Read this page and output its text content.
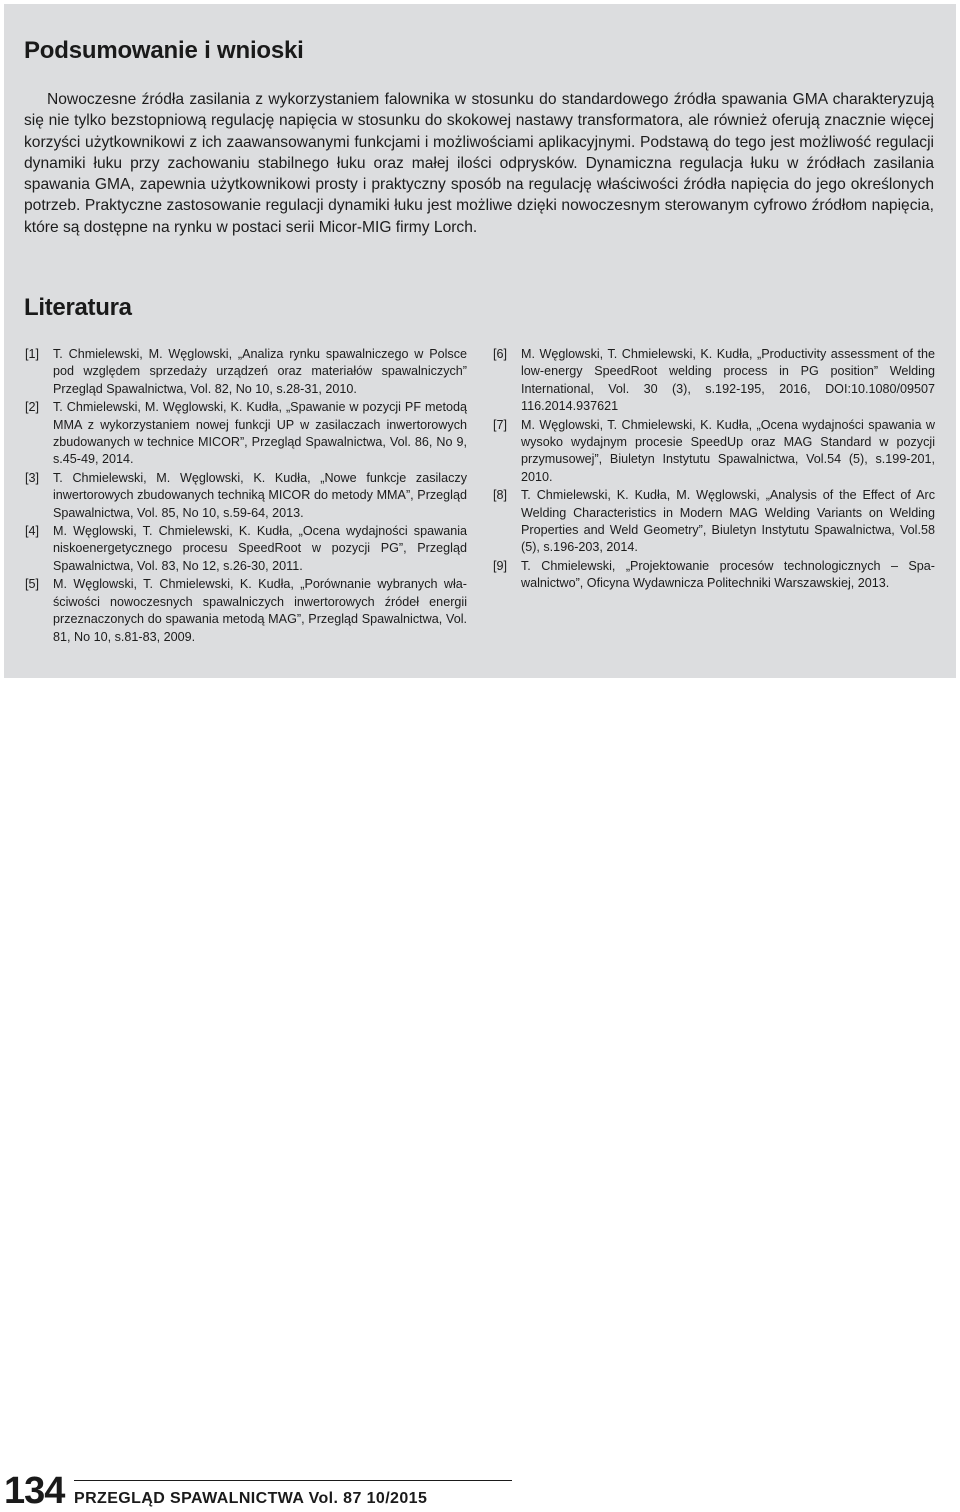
Podsumowanie i wnioski

Nowoczesne źródła zasilania z wykorzystaniem falownika w stosunku do standardowego źródła spawania GMA charakteryzują się nie tylko bezstopniową regulację napięcia w stosunku do skokowej nastawy transformatora, ale również oferują znacznie więcej korzyści użytkownikowi z ich zaawansowanymi funkcjami i możliwościami aplikacyjnymi. Podstawą do tego jest możliwość regulacji dynamiki łuku przy zachowaniu stabilnego łuku oraz małej ilości odprysków. Dynamiczna regulacja łuku w źródłach zasilania spawania GMA, zapewnia użytkownikowi prosty i praktyczny sposób na regulację właściwości źródła napięcia do jego określonych potrzeb. Praktyczne zastosowanie regulacji dynamiki łuku jest możliwe dzięki nowoczesnym sterowanym cyfrowo źródłom napięcia, które są dostępne na rynku w postaci serii Micor-MIG firmy Lorch.

Literatura
[1]	T. Chmielewski, M. Węglowski, „Analiza rynku spawalniczego w Polsce pod względem sprzedaży urządzeń oraz materiałów spawalniczych” Przegląd Spawalnictwa, Vol. 82, No 10, s.28-31, 2010.
[2]	T. Chmielewski, M. Węglowski, K. Kudła, „Spawanie w pozycji PF metodą MMA z wykorzystaniem nowej funkcji UP w zasilaczach inwertorowych zbudowanych w technice MICOR”, Przegląd Spawalnictwa, Vol. 86, No 9, s.45-49, 2014.
[3]	T. Chmielewski, M. Węglowski, K. Kudła, „Nowe funkcje zasilaczy inwertorowych zbudowanych techniką MICOR do metody MMA”, Przegląd Spawalnictwa, Vol. 85, No 10, s.59-64, 2013.
[4]	M. Węglowski, T. Chmielewski, K. Kudła, „Ocena wydajności spawania niskoenergetycznego procesu SpeedRoot w pozycji PG”, Przegląd Spawalnictwa, Vol. 83, No 12, s.26-30, 2011.
[5]	M. Węglowski, T. Chmielewski, K. Kudła, „Porównanie wybranych właściwości nowoczesnych spawalniczych inwertorowych źródeł energii przeznaczonych do spawania metodą MAG”, Przegląd Spawalnictwa, Vol. 81, No 10, s.81-83, 2009.
[6]	M. Węglowski, T. Chmielewski, K. Kudła, „Productivity assessment of the low-energy SpeedRoot welding process in PG position” Welding International, Vol. 30 (3), s.192-195, 2016, DOI:10.1080/09507 116.2014.937621
[7]	M. Węglowski, T. Chmielewski, K. Kudła, „Ocena wydajności spawania w wysoko wydajnym procesie SpeedUp oraz MAG Standard w pozycji przymusowej”, Biuletyn Instytutu Spawalnictwa, Vol.54 (5), s.199-201, 2010.
[8]	T. Chmielewski, K. Kudła, M. Węglowski, „Analysis of the Effect of Arc Welding Characteristics in Modern MAG Welding Variants on Welding Properties and Weld Geometry”, Biuletyn Instytutu Spawalnictwa, Vol.58 (5), s.196-203, 2014.
[9]	T. Chmielewski, „Projektowanie procesów technologicznych – Spawalnictwo”, Oficyna Wydawnicza Politechniki Warszawskiej, 2013.
134 PRZEGLĄD SPAWALNICTWA Vol. 87 10/2015
